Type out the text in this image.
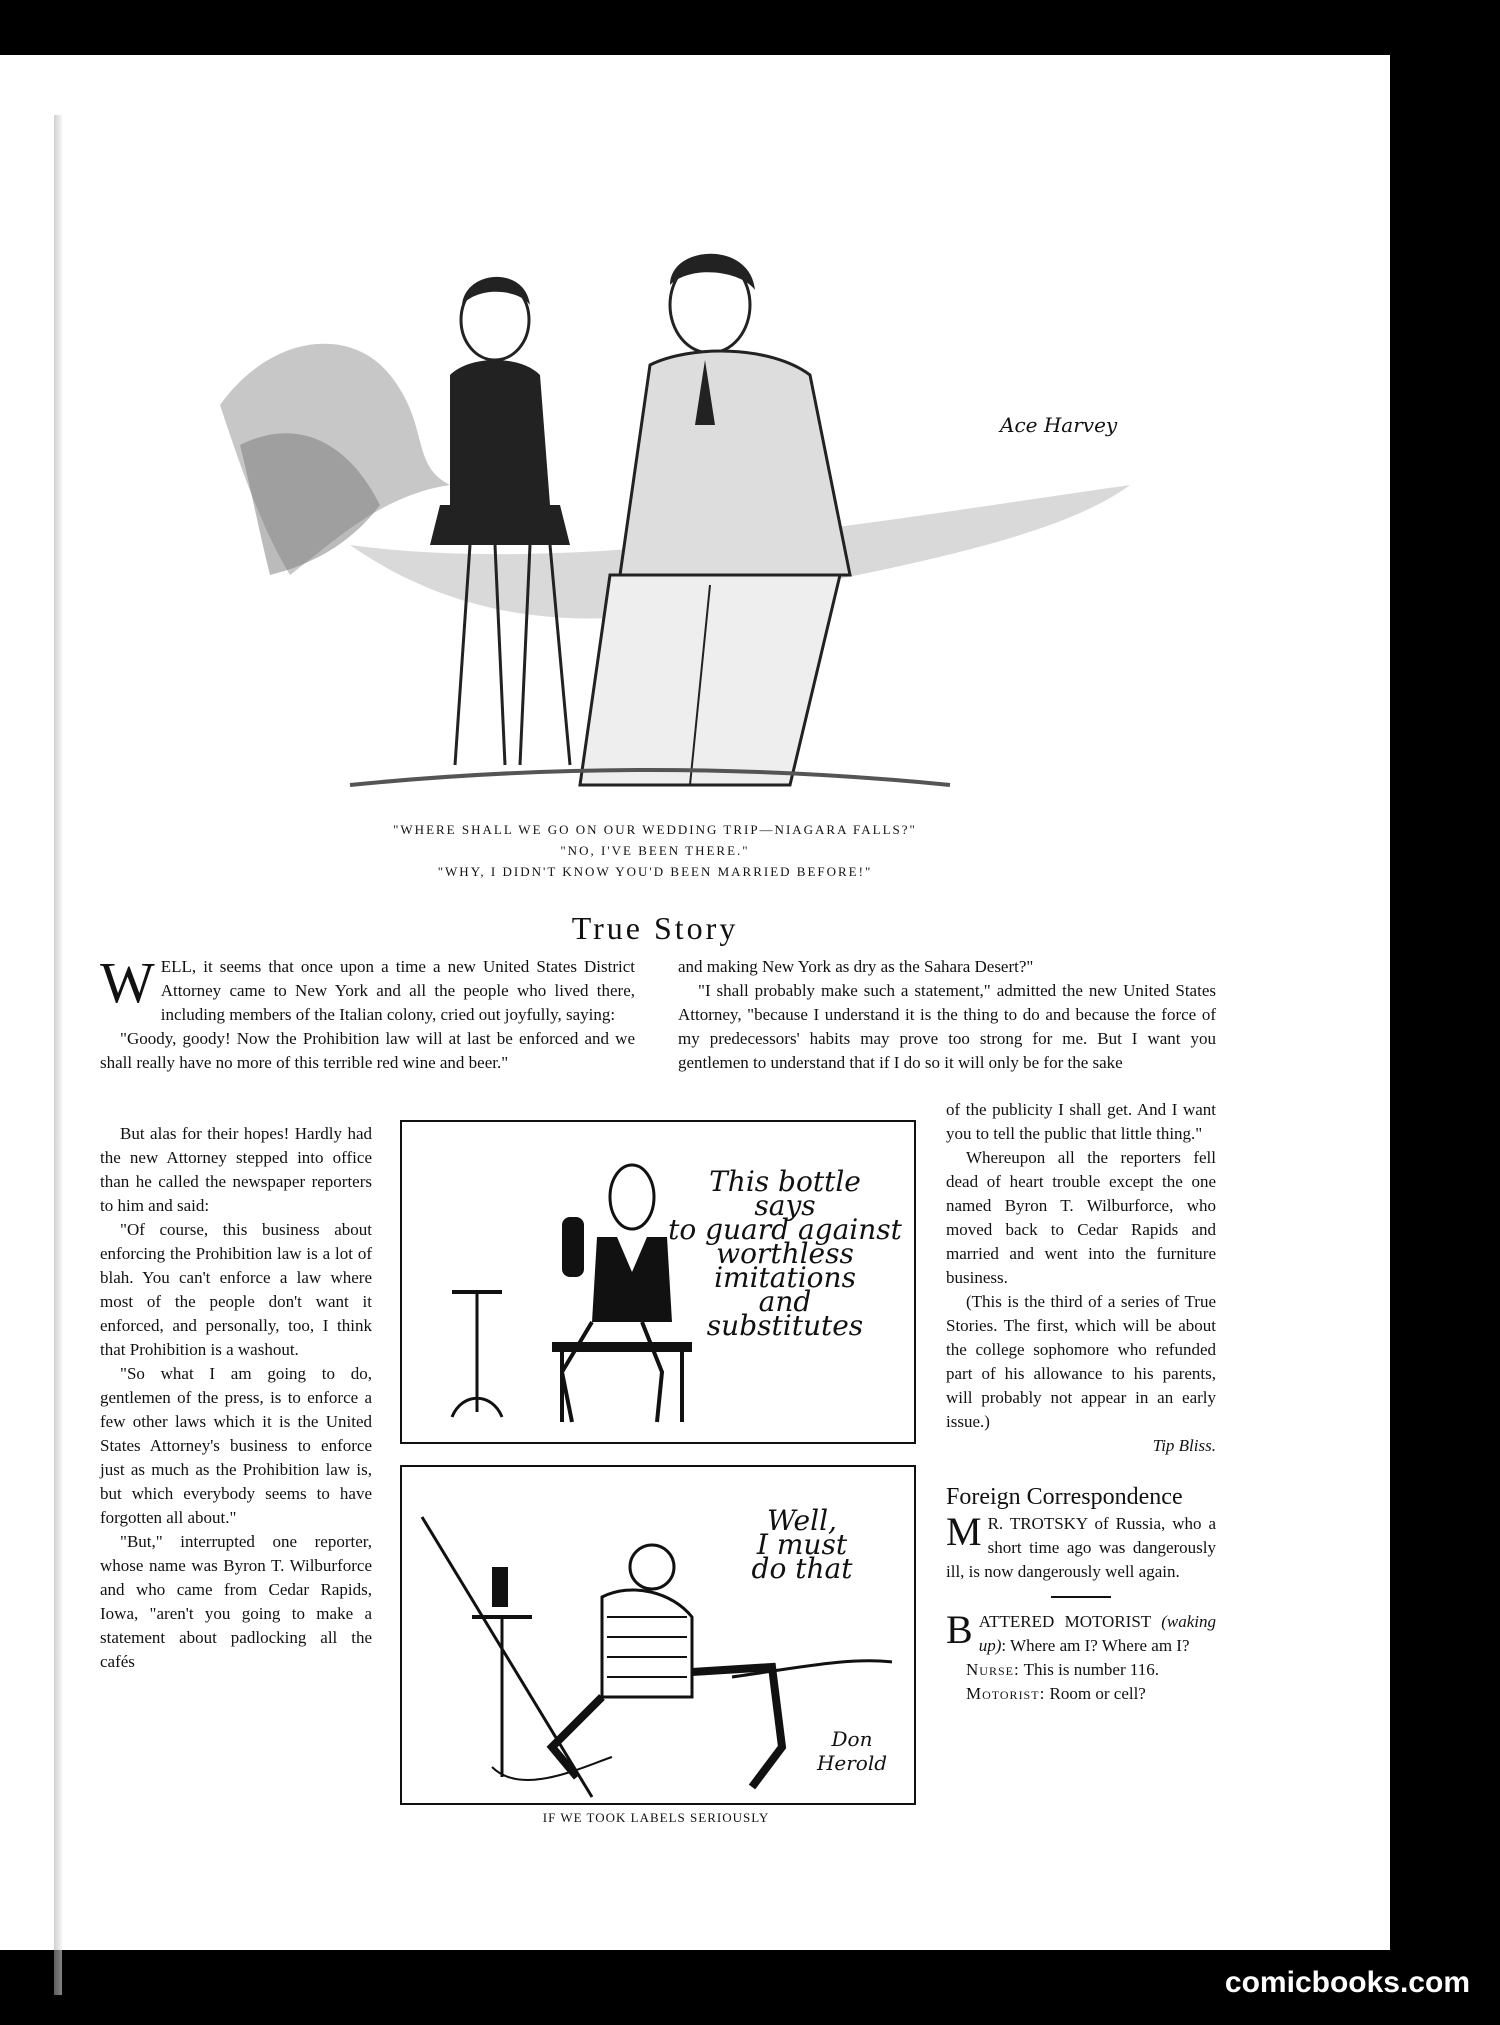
Ace Harvey
"WHERE SHALL WE GO ON OUR WEDDING TRIP—NIAGARA FALLS?"
"NO, I'VE BEEN THERE."
"WHY, I DIDN'T KNOW YOU'D BEEN MARRIED BEFORE!"
True Story

WELL, it seems that once upon a time a new United States District Attorney came to New York and all the people who lived there, including members of the Italian colony, cried out joyfully, saying:

"Goody, goody! Now the Prohibition law will at last be enforced and we shall really have no more of this terrible red wine and beer."

But alas for their hopes! Hardly had the new Attorney stepped into office than he called the newspaper reporters to him and said:

"Of course, this business about enforcing the Prohibition law is a lot of blah. You can't enforce a law where most of the people don't want it enforced, and personally, too, I think that Prohibition is a washout.

"So what I am going to do, gentlemen of the press, is to enforce a few other laws which it is the United States Attorney's business to enforce just as much as the Prohibition law is, but which everybody seems to have forgotten all about."

"But," interrupted one reporter, whose name was Byron T. Wilburforce and who came from Cedar Rapids, Iowa, "aren't you going to make a statement about padlocking all the cafés

and making New York as dry as the Sahara Desert?"

"I shall probably make such a statement," admitted the new United States Attorney, "because I understand it is the thing to do and because the force of my predecessors' habits may prove too strong for me. But I want you gentlemen to understand that if I do so it will only be for the sake

of the publicity I shall get. And I want you to tell the public that little thing."

Whereupon all the reporters fell dead of heart trouble except the one named Byron T. Wilburforce, who moved back to Cedar Rapids and married and went into the furniture business.

(This is the third of a series of True Stories. The first, which will be about the college sophomore who refunded part of his allowance to his parents, will probably not appear in an early issue.)

Tip Bliss.

Foreign Correspondence

M R. TROTSKY of Russia, who a short time ago was dangerously ill, is now dangerously well again.

BATTERED MOTORIST (waking up): Where am I? Where am I?

Nurse: This is number 116.

Motorist: Room or cell?

This bottle
says
to guard against
worthless imitations
and
substitutes
Well,
I must
do that
Don Herold
IF WE TOOK LABELS SERIOUSLY
comicbooks.com
